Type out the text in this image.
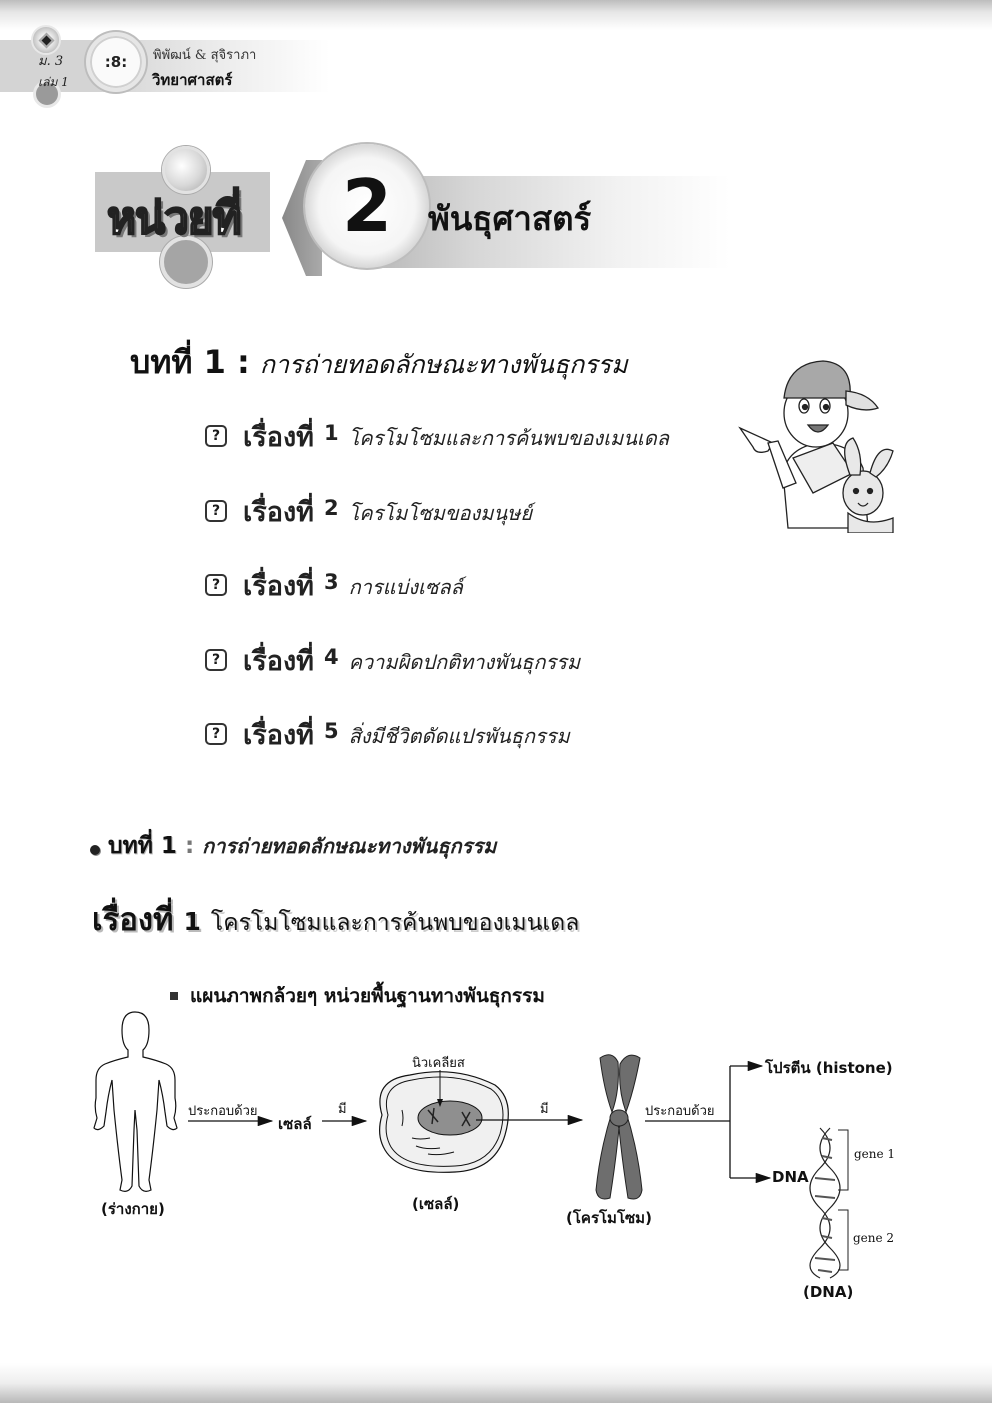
ม. 3
เล่ม 1
:8:	พิพัฒน์ & สุจิราภา
วิทยาศาสตร์
หน่วยที่ 2 พันธุศาสตร์
บทที่ 1 : การถ่ายทอดลักษณะทางพันธุกรรม
? เรื่องที่ 1 โครโมโซมและการค้นพบของเมนเดล
? เรื่องที่ 2 โครโมโซมของมนุษย์
? เรื่องที่ 3 การแบ่งเซลล์
? เรื่องที่ 4 ความผิดปกติทางพันธุกรรม
? เรื่องที่ 5 สิ่งมีชีวิตดัดแปรพันธุกรรม
บทที่ 1 : การถ่ายทอดลักษณะทางพันธุกรรม
เรื่องที่ 1 โครโมโซมและการค้นพบของเมนเดล
แผนภาพกล้วยๆ หน่วยพื้นฐานทางพันธุกรรม
(ร่างกาย)
ประกอบด้วย
เซลล์
มี
นิวเคลียส
(เซลล์)
มี
(โครโมโซม)
ประกอบด้วย
โปรตีน (histone)
DNA
gene 1
gene 2
(DNA)
